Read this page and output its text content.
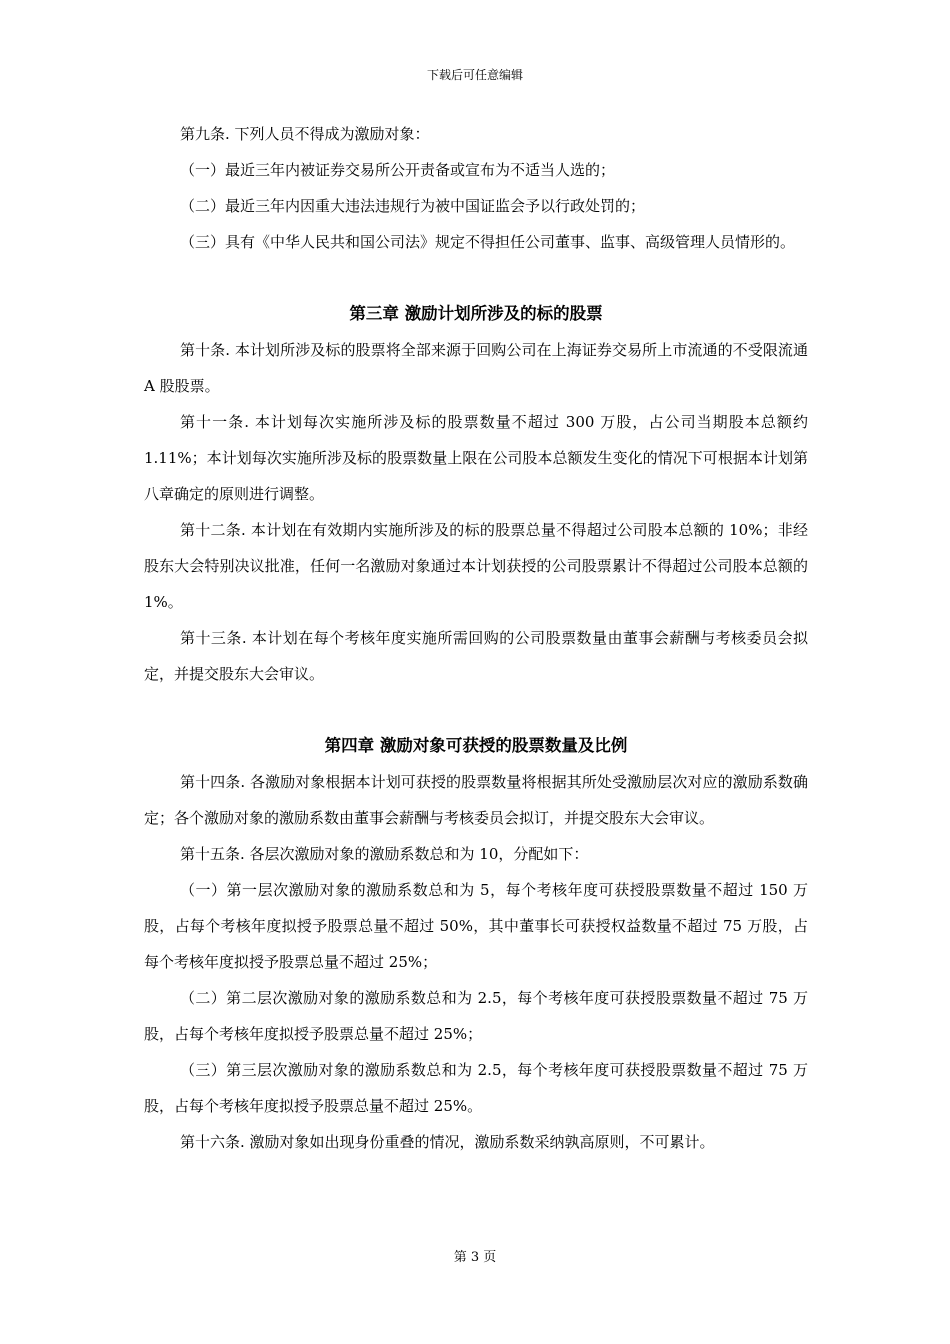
下载后可任意编辑

第九条. 下列人员不得成为激励对象：

（一）最近三年内被证券交易所公开责备或宣布为不适当人选的；

（二）最近三年内因重大违法违规行为被中国证监会予以行政处罚的；

（三）具有《中华人民共和国公司法》规定不得担任公司董事、监事、高级管理人员情形的。

第三章 激励计划所涉及的标的股票

第十条. 本计划所涉及标的股票将全部来源于回购公司在上海证券交易所上市流通的不受限流通 A 股股票。

第十一条. 本计划每次实施所涉及标的股票数量不超过 300 万股，占公司当期股本总额约 1.11%；本计划每次实施所涉及标的股票数量上限在公司股本总额发生变化的情况下可根据本计划第八章确定的原则进行调整。

第十二条. 本计划在有效期内实施所涉及的标的股票总量不得超过公司股本总额的 10%；非经股东大会特别决议批准，任何一名激励对象通过本计划获授的公司股票累计不得超过公司股本总额的 1%。

第十三条. 本计划在每个考核年度实施所需回购的公司股票数量由董事会薪酬与考核委员会拟定，并提交股东大会审议。

第四章 激励对象可获授的股票数量及比例

第十四条. 各激励对象根据本计划可获授的股票数量将根据其所处受激励层次对应的激励系数确定；各个激励对象的激励系数由董事会薪酬与考核委员会拟订，并提交股东大会审议。

第十五条. 各层次激励对象的激励系数总和为 10，分配如下：

（一）第一层次激励对象的激励系数总和为 5，每个考核年度可获授股票数量不超过 150 万股，占每个考核年度拟授予股票总量不超过 50%，其中董事长可获授权益数量不超过 75 万股，占每个考核年度拟授予股票总量不超过 25%；

（二）第二层次激励对象的激励系数总和为 2.5，每个考核年度可获授股票数量不超过 75 万股，占每个考核年度拟授予股票总量不超过 25%；

（三）第三层次激励对象的激励系数总和为 2.5，每个考核年度可获授股票数量不超过 75 万股，占每个考核年度拟授予股票总量不超过 25%。

第十六条. 激励对象如出现身份重叠的情况，激励系数采纳孰高原则，不可累计。

第 3 页
